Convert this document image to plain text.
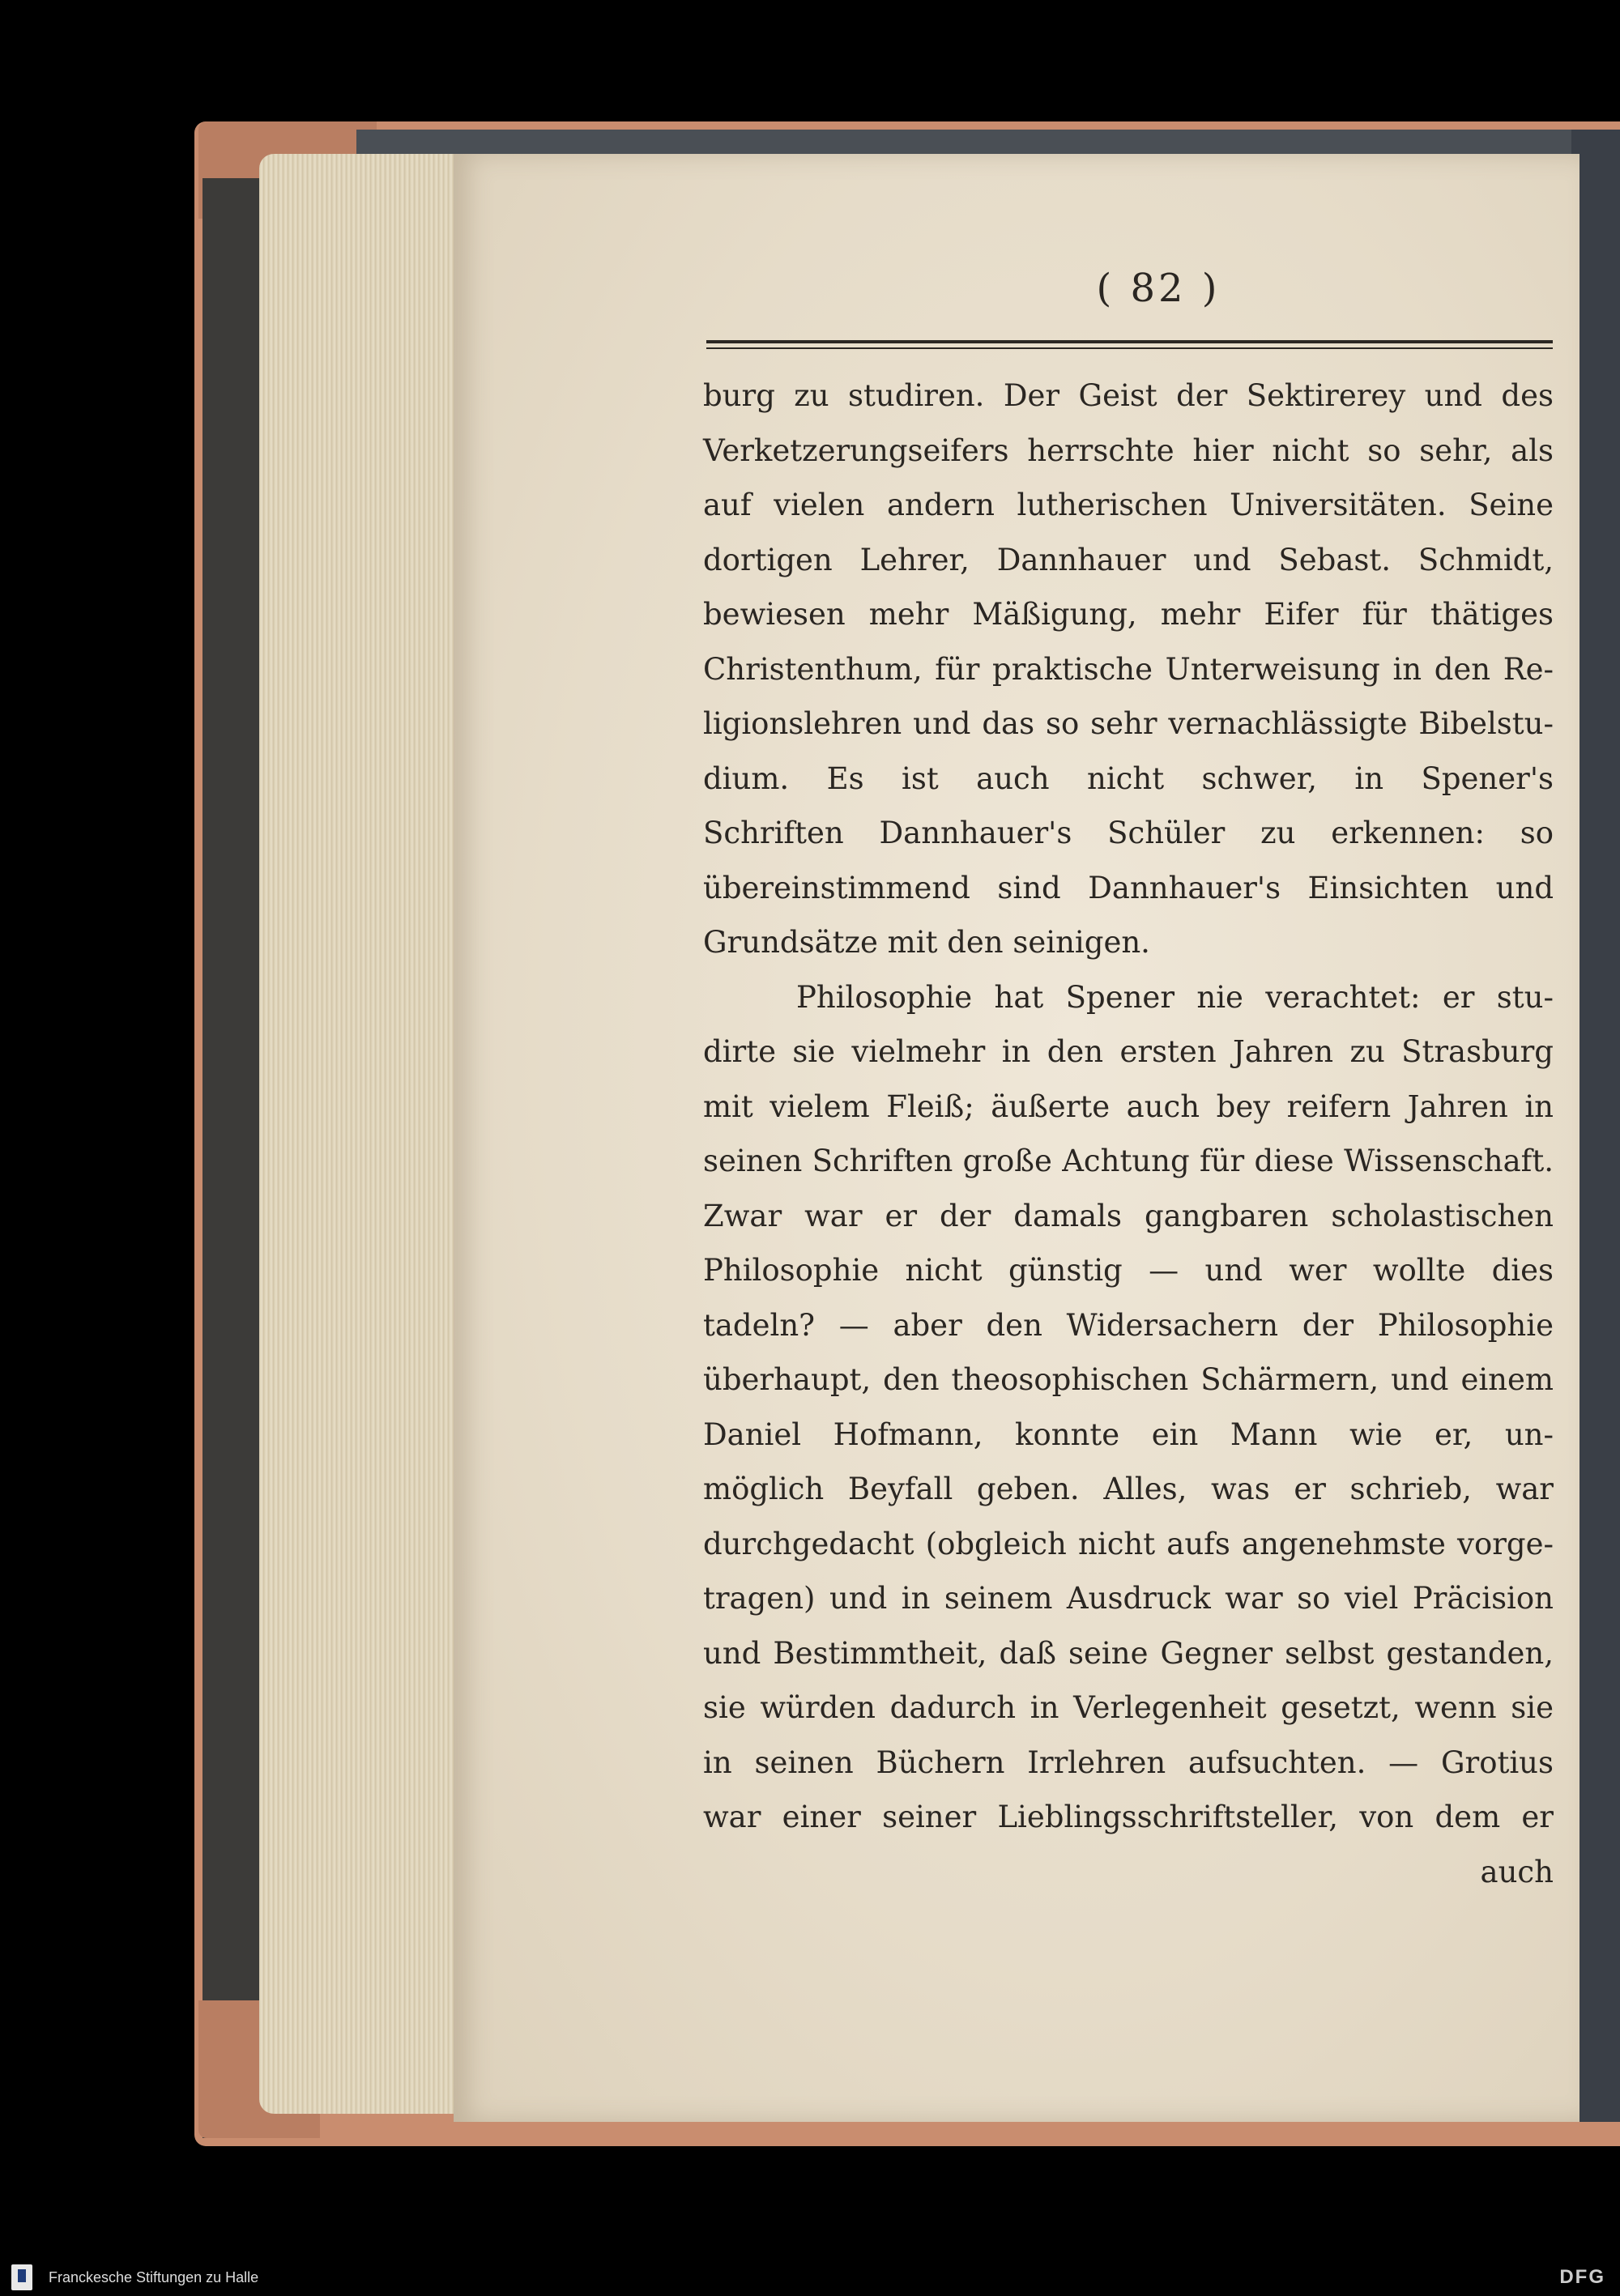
( 82 )
burg zu studiren. Der Geist der Sektirerey und des
Verketzerungseifers herrschte hier nicht so sehr, als
auf vielen andern lutherischen Universitäten. Seine
dortigen Lehrer, Dannhauer und Sebast. Schmidt,
bewiesen mehr Mäßigung, mehr Eifer für thätiges
Christenthum, für praktische Unterweisung in den Re-
ligionslehren und das so sehr vernachlässigte Bibelstu-
dium. Es ist auch nicht schwer, in Spener's
Schriften Dannhauer's Schüler zu erkennen: so
übereinstimmend sind Dannhauer's Einsichten und
Grundsätze mit den seinigen.
Philosophie hat Spener nie verachtet: er stu-
dirte sie vielmehr in den ersten Jahren zu Strasburg
mit vielem Fleiß; äußerte auch bey reifern Jahren in
seinen Schriften große Achtung für diese Wissenschaft.
Zwar war er der damals gangbaren scholastischen
Philosophie nicht günstig — und wer wollte dies
tadeln? — aber den Widersachern der Philosophie
überhaupt, den theosophischen Schärmern, und einem
Daniel Hofmann, konnte ein Mann wie er, un-
möglich Beyfall geben. Alles, was er schrieb, war
durchgedacht (obgleich nicht aufs angenehmste vorge-
tragen) und in seinem Ausdruck war so viel Präcision
und Bestimmtheit, daß seine Gegner selbst gestanden,
sie würden dadurch in Verlegenheit gesetzt, wenn sie
in seinen Büchern Irrlehren aufsuchten. — Grotius
war einer seiner Lieblingsschriftsteller, von dem er
auch
Franckesche Stiftungen zu Halle	DFG
